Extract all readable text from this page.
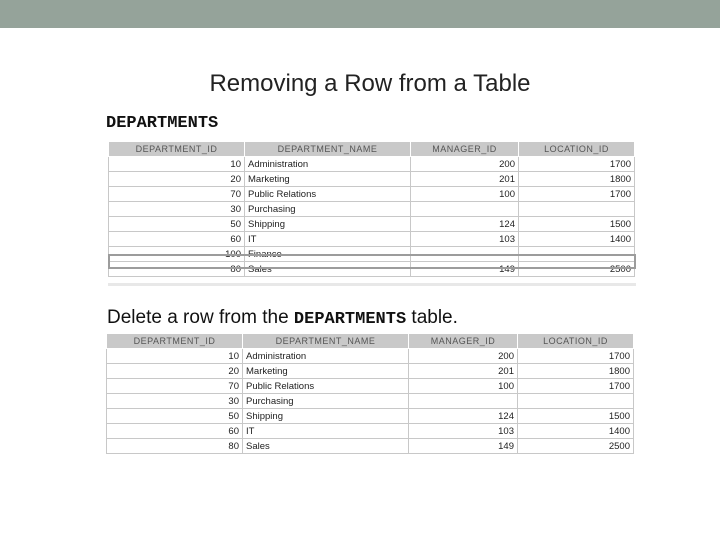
Removing a Row from a Table
DEPARTMENTS
DEPARTMENT_ID	DEPARTMENT_NAME	MANAGER_ID	LOCATION_ID
10	Administration	200	1700
20	Marketing	201	1800
70	Public Relations	100	1700
30	Purchasing		
50	Shipping	124	1500
60	IT	103	1400
100	Finance		
80	Sales	149	2500
Delete a row from the DEPARTMENTS table.
DEPARTMENT_ID	DEPARTMENT_NAME	MANAGER_ID	LOCATION_ID
10	Administration	200	1700
20	Marketing	201	1800
70	Public Relations	100	1700
30	Purchasing		
50	Shipping	124	1500
60	IT	103	1400
80	Sales	149	2500
